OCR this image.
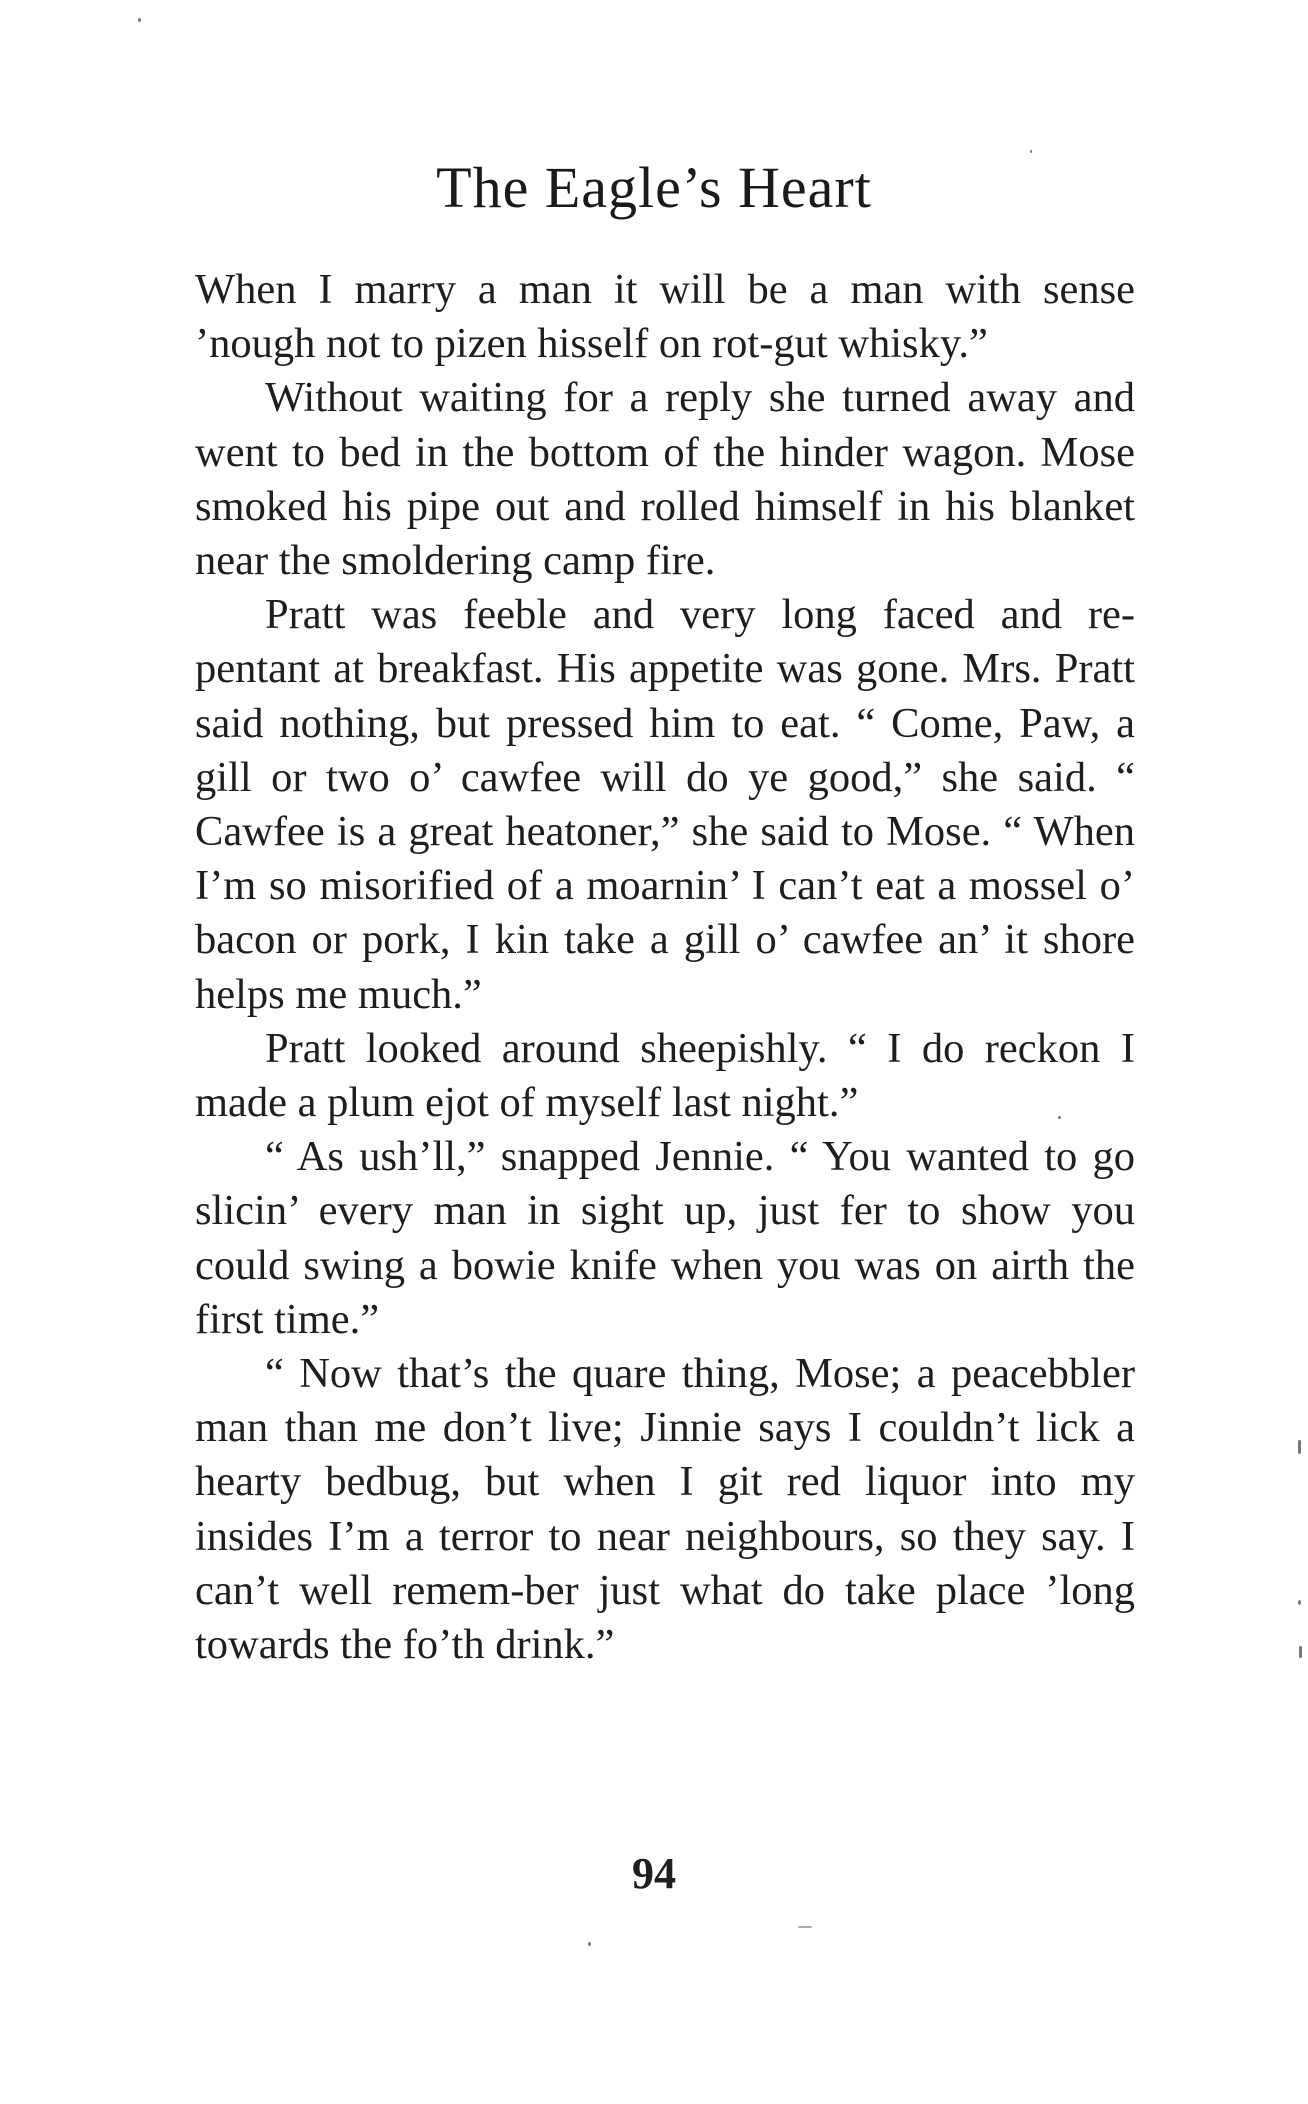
The Eagle’s Heart

When I marry a man it will be a man with sense ’nough not to pizen hisself on rot-gut whisky.”

Without waiting for a reply she turned away and went to bed in the bottom of the hinder wagon. Mose smoked his pipe out and rolled himself in his blanket near the smoldering camp fire.

Pratt was feeble and very long faced and re-pentant at breakfast. His appetite was gone. Mrs. Pratt said nothing, but pressed him to eat. “ Come, Paw, a gill or two o’ cawfee will do ye good,” she said. “ Cawfee is a great heatoner,” she said to Mose. “ When I’m so misorified of a moarnin’ I can’t eat a mossel o’ bacon or pork, I kin take a gill o’ cawfee an’ it shore helps me much.”

Pratt looked around sheepishly. “ I do reckon I made a plum ejot of myself last night.”

“ As ush’ll,” snapped Jennie. “ You wanted to go slicin’ every man in sight up, just fer to show you could swing a bowie knife when you was on airth the first time.”

“ Now that’s the quare thing, Mose; a peacebbler man than me don’t live; Jinnie says I couldn’t lick a hearty bedbug, but when I git red liquor into my insides I’m a terror to near neighbours, so they say. I can’t well remem-ber just what do take place ’long towards the fo’th drink.”

94
